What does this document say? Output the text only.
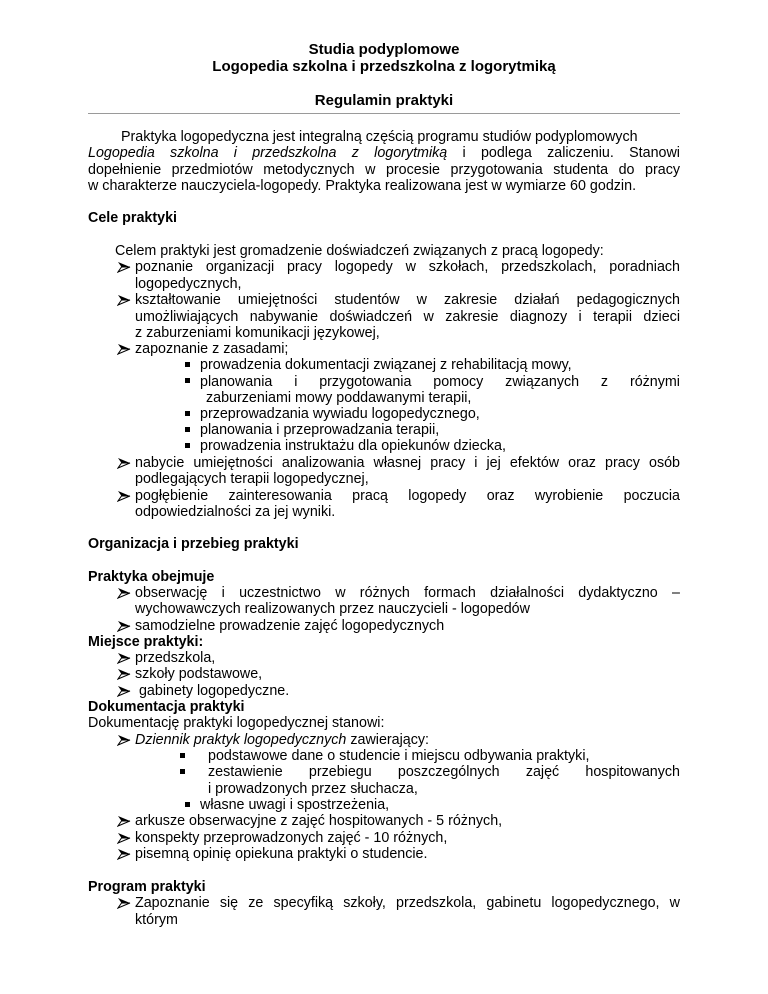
Studia podyplomowe
Logopedia szkolna i przedszkolna z logorytmiką
Regulamin praktyki
Praktyka logopedyczna jest integralną częścią programu studiów podyplomowych
Logopedia szkolna i przedszkolna z logorytmiką i podlega zaliczeniu. Stanowi
dopełnienie przedmiotów metodycznych w procesie przygotowania studenta do pracy
w charakterze nauczyciela-logopedy. Praktyka realizowana jest w wymiarze 60 godzin.
Cele praktyki
Celem praktyki jest gromadzenie doświadczeń związanych z pracą logopedy:
poznanie organizacji pracy logopedy w szkołach, przedszkolach, poradniach
logopedycznych,
kształtowanie umiejętności studentów w zakresie działań pedagogicznych
umożliwiających nabywanie doświadczeń w zakresie diagnozy i terapii dzieci
z zaburzeniami komunikacji językowej,
zapoznanie z zasadami;
prowadzenia dokumentacji związanej z rehabilitacją mowy,
planowania i przygotowania pomocy związanych z różnymi
zaburzeniami mowy poddawanymi terapii,
przeprowadzania wywiadu logopedycznego,
planowania i przeprowadzania terapii,
prowadzenia instruktażu dla opiekunów dziecka,
nabycie umiejętności analizowania własnej pracy i jej efektów oraz pracy osób
podlegających terapii logopedycznej,
pogłębienie zainteresowania pracą logopedy oraz wyrobienie poczucia
odpowiedzialności za jej wyniki.
Organizacja i przebieg praktyki
Praktyka obejmuje
obserwację i uczestnictwo w różnych formach działalności dydaktyczno –
wychowawczych realizowanych przez nauczycieli - logopedów
samodzielne prowadzenie zajęć logopedycznych
Miejsce praktyki:
przedszkola,
szkoły podstawowe,
gabinety logopedyczne.
Dokumentacja praktyki
Dokumentację praktyki logopedycznej stanowi:
Dziennik praktyk logopedycznych zawierający:
podstawowe dane o studencie i miejscu odbywania praktyki,
zestawienie przebiegu poszczególnych zajęć hospitowanych
i prowadzonych przez słuchacza,
własne uwagi i spostrzeżenia,
arkusze obserwacyjne z zajęć hospitowanych - 5 różnych,
konspekty przeprowadzonych zajęć - 10 różnych,
pisemną opinię opiekuna praktyki o studencie.
Program praktyki
Zapoznanie się ze specyfiką szkoły, przedszkola, gabinetu logopedycznego, w
którym
